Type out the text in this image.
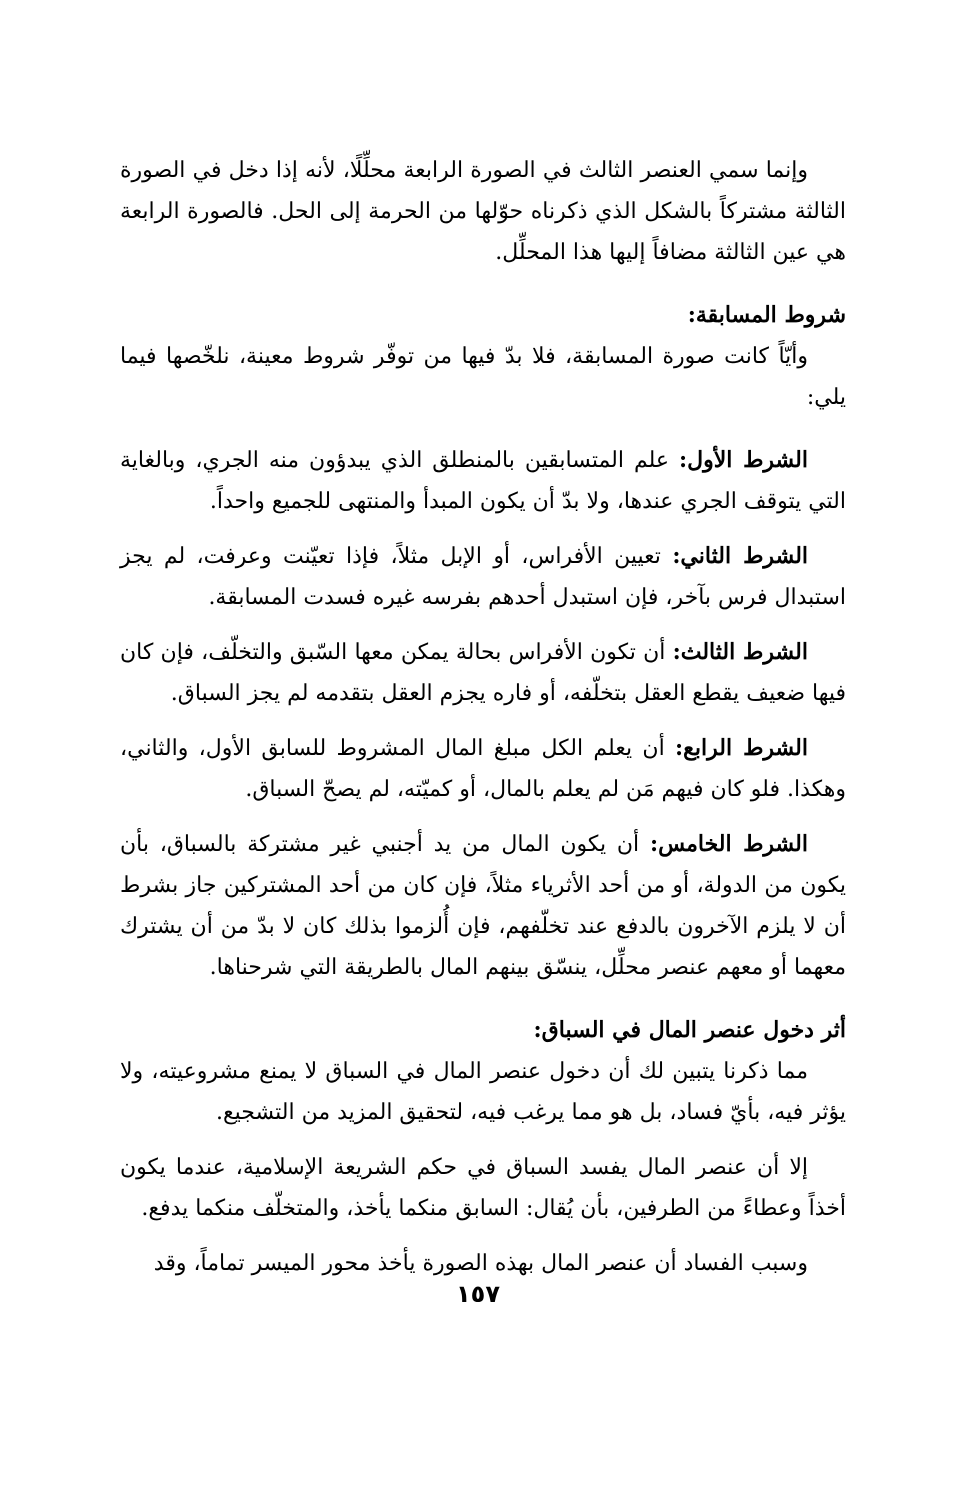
وإنما سمي العنصر الثالث في الصورة الرابعة محلِّلًا، لأنه إذا دخل في الصورة الثالثة مشتركاً بالشكل الذي ذكرناه حوّلها من الحرمة إلى الحل. فالصورة الرابعة هي عين الثالثة مضافاً إليها هذا المحلِّل.

شروط المسابقة:

وأيّاً كانت صورة المسابقة، فلا بدّ فيها من توفّر شروط معينة، نلخّصها فيما يلي:

الشرط الأول: علم المتسابقين بالمنطلق الذي يبدؤون منه الجري، وبالغاية التي يتوقف الجري عندها، ولا بدّ أن يكون المبدأ والمنتهى للجميع واحداً.

الشرط الثاني: تعيين الأفراس، أو الإبل مثلاً، فإذا تعيّنت وعرفت، لم يجز استبدال فرس بآخر، فإن استبدل أحدهم بفرسه غيره فسدت المسابقة.

الشرط الثالث: أن تكون الأفراس بحالة يمكن معها السّبق والتخلّف، فإن كان فيها ضعيف يقطع العقل بتخلّفه، أو فاره يجزم العقل بتقدمه لم يجز السباق.

الشرط الرابع: أن يعلم الكل مبلغ المال المشروط للسابق الأول، والثاني، وهكذا. فلو كان فيهم مَن لم يعلم بالمال، أو كميّته، لم يصحّ السباق.

الشرط الخامس: أن يكون المال من يد أجنبي غير مشتركة بالسباق، بأن يكون من الدولة، أو من أحد الأثرياء مثلاً، فإن كان من أحد المشتركين جاز بشرط أن لا يلزم الآخرون بالدفع عند تخلّفهم، فإن أُلزموا بذلك كان لا بدّ من أن يشترك معهما أو معهم عنصر محلِّل، ينسّق بينهم المال بالطريقة التي شرحناها.

أثر دخول عنصر المال في السباق:

مما ذكرنا يتبين لك أن دخول عنصر المال في السباق لا يمنع مشروعيته، ولا يؤثر فيه، بأيّ فساد، بل هو مما يرغب فيه، لتحقيق المزيد من التشجيع.

إلا أن عنصر المال يفسد السباق في حكم الشريعة الإسلامية، عندما يكون أخذاً وعطاءً من الطرفين، بأن يُقال: السابق منكما يأخذ، والمتخلّف منكما يدفع.

وسبب الفساد أن عنصر المال بهذه الصورة يأخذ محور الميسر تماماً، وقد

١٥٧
